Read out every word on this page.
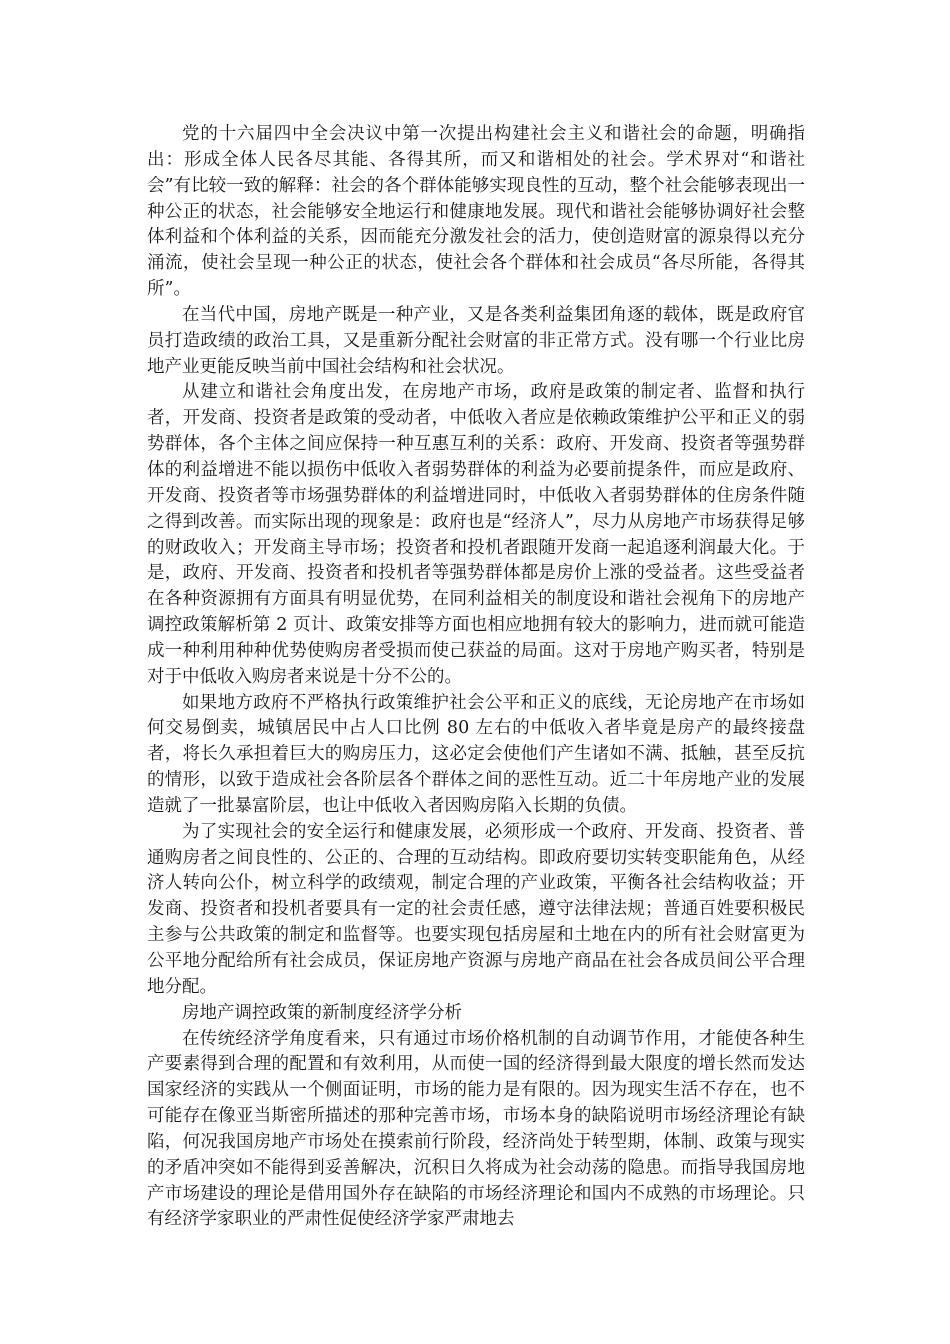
党的十六届四中全会决议中第一次提出构建社会主义和谐社会的命题，明确指出：形成全体人民各尽其能、各得其所，而又和谐相处的社会。学术界对“和谐社会”有比较一致的解释：社会的各个群体能够实现良性的互动，整个社会能够表现出一种公正的状态，社会能够安全地运行和健康地发展。现代和谐社会能够协调好社会整体利益和个体利益的关系，因而能充分激发社会的活力，使创造财富的源泉得以充分涌流，使社会呈现一种公正的状态，使社会各个群体和社会成员“各尽所能，各得其所”。

在当代中国，房地产既是一种产业，又是各类利益集团角逐的载体，既是政府官员打造政绩的政治工具，又是重新分配社会财富的非正常方式。没有哪一个行业比房地产业更能反映当前中国社会结构和社会状况。

从建立和谐社会角度出发，在房地产市场，政府是政策的制定者、监督和执行者，开发商、投资者是政策的受动者，中低收入者应是依赖政策维护公平和正义的弱势群体，各个主体之间应保持一种互惠互利的关系：政府、开发商、投资者等强势群体的利益增进不能以损伤中低收入者弱势群体的利益为必要前提条件，而应是政府、开发商、投资者等市场强势群体的利益增进同时，中低收入者弱势群体的住房条件随之得到改善。而实际出现的现象是：政府也是“经济人”，尽力从房地产市场获得足够的财政收入；开发商主导市场；投资者和投机者跟随开发商一起追逐利润最大化。于是，政府、开发商、投资者和投机者等强势群体都是房价上涨的受益者。这些受益者在各种资源拥有方面具有明显优势，在同利益相关的制度设和谐社会视角下的房地产调控政策解析第 2 页计、政策安排等方面也相应地拥有较大的影响力，进而就可能造成一种利用种种优势使购房者受损而使己获益的局面。这对于房地产购买者，特别是对于中低收入购房者来说是十分不公的。

如果地方政府不严格执行政策维护社会公平和正义的底线，无论房地产在市场如何交易倒卖，城镇居民中占人口比例 80 左右的中低收入者毕竟是房产的最终接盘者，将长久承担着巨大的购房压力，这必定会使他们产生诸如不满、抵触，甚至反抗的情形，以致于造成社会各阶层各个群体之间的恶性互动。近二十年房地产业的发展造就了一批暴富阶层，也让中低收入者因购房陷入长期的负债。

为了实现社会的安全运行和健康发展，必须形成一个政府、开发商、投资者、普通购房者之间良性的、公正的、合理的互动结构。即政府要切实转变职能角色，从经济人转向公仆，树立科学的政绩观，制定合理的产业政策，平衡各社会结构收益；开发商、投资者和投机者要具有一定的社会责任感，遵守法律法规；普通百姓要积极民主参与公共政策的制定和监督等。也要实现包括房屋和土地在内的所有社会财富更为公平地分配给所有社会成员，保证房地产资源与房地产商品在社会各成员间公平合理地分配。

房地产调控政策的新制度经济学分析

在传统经济学角度看来，只有通过市场价格机制的自动调节作用，才能使各种生产要素得到合理的配置和有效利用，从而使一国的经济得到最大限度的增长然而发达国家经济的实践从一个侧面证明，市场的能力是有限的。因为现实生活不存在，也不可能存在像亚当斯密所描述的那种完善市场，市场本身的缺陷说明市场经济理论有缺陷，何况我国房地产市场处在摸索前行阶段，经济尚处于转型期，体制、政策与现实的矛盾冲突如不能得到妥善解决，沉积日久将成为社会动荡的隐患。而指导我国房地产市场建设的理论是借用国外存在缺陷的市场经济理论和国内不成熟的市场理论。只有经济学家职业的严肃性促使经济学家严肃地去
